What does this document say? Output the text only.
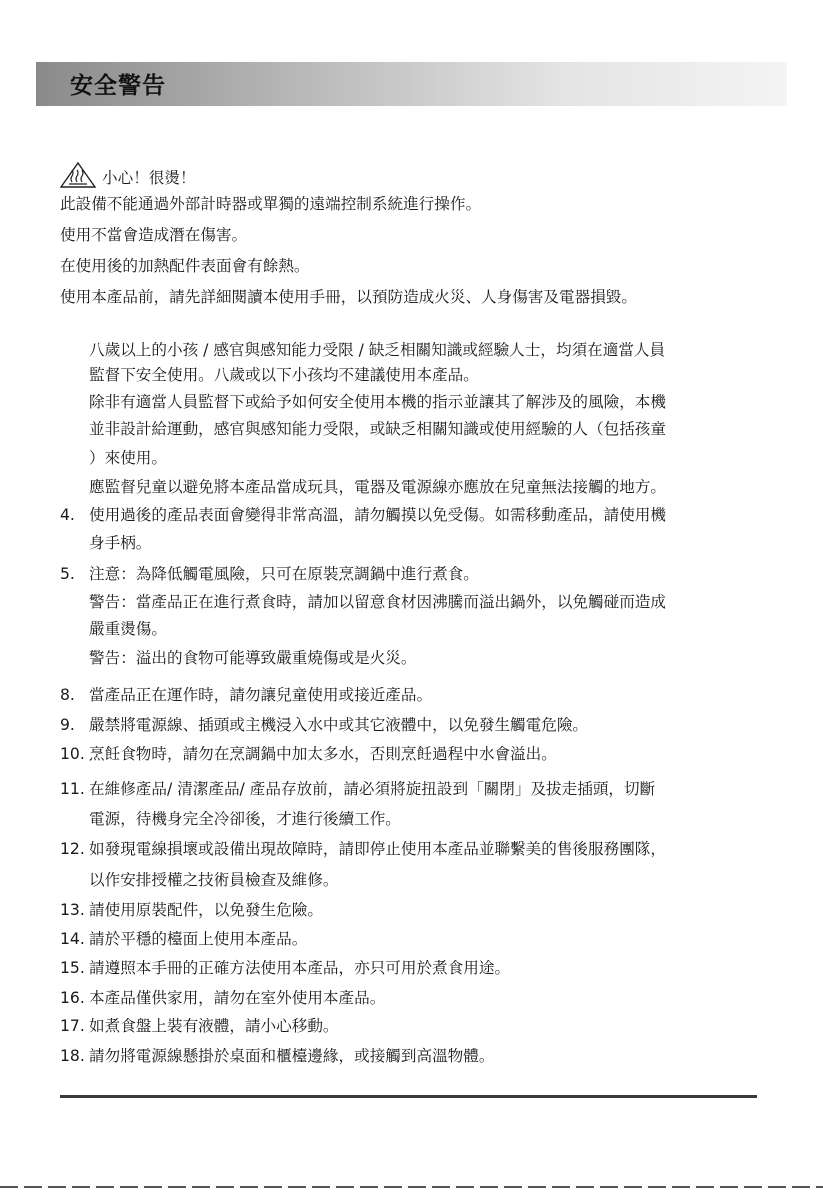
安全警告
小心！很燙！
此設備不能通過外部計時器或單獨的遠端控制系統進行操作。
使用不當會造成潛在傷害。
在使用後的加熱配件表面會有餘熱。
使用本產品前，請先詳細閱讀本使用手冊，以預防造成火災、人身傷害及電器損毀。
八歲以上的小孩 / 感官與感知能力受限 / 缺乏相關知識或經驗人士，均須在適當人員
監督下安全使用。八歲或以下小孩均不建議使用本產品。
除非有適當人員監督下或給予如何安全使用本機的指示並讓其了解涉及的風險，本機
並非設計給運動，感官與感知能力受限，或缺乏相關知識或使用經驗的人（包括孩童
）來使用。
應監督兒童以避免將本產品當成玩具，電器及電源線亦應放在兒童無法接觸的地方。
4. 使用過後的產品表面會變得非常高溫，請勿觸摸以免受傷。如需移動產品，請使用機
身手柄。
5. 注意：為降低觸電風險，只可在原裝烹調鍋中進行煮食。
警告：當產品正在進行煮食時，請加以留意食材因沸騰而溢出鍋外，以免觸碰而造成
嚴重燙傷。
警告：溢出的食物可能導致嚴重燒傷或是火災。
8. 當產品正在運作時，請勿讓兒童使用或接近產品。
9. 嚴禁將電源線、插頭或主機浸入水中或其它液體中，以免發生觸電危險。
10. 烹飪食物時，請勿在烹調鍋中加太多水，否則烹飪過程中水會溢出。
11. 在維修產品/ 清潔產品/ 產品存放前，請必須將旋扭設到「關閉」及拔走插頭，切斷
電源，待機身完全冷卻後，才進行後續工作。
12. 如發現電線損壞或設備出現故障時，請即停止使用本產品並聯繫美的售後服務團隊，
以作安排授權之技術員檢查及維修。
13. 請使用原裝配件，以免發生危險。
14. 請於平穩的檯面上使用本產品。
15. 請遵照本手冊的正確方法使用本產品，亦只可用於煮食用途。
16. 本產品僅供家用，請勿在室外使用本產品。
17. 如煮食盤上裝有液體，請小心移動。
18. 請勿將電源線懸掛於桌面和櫃檯邊緣，或接觸到高溫物體。
